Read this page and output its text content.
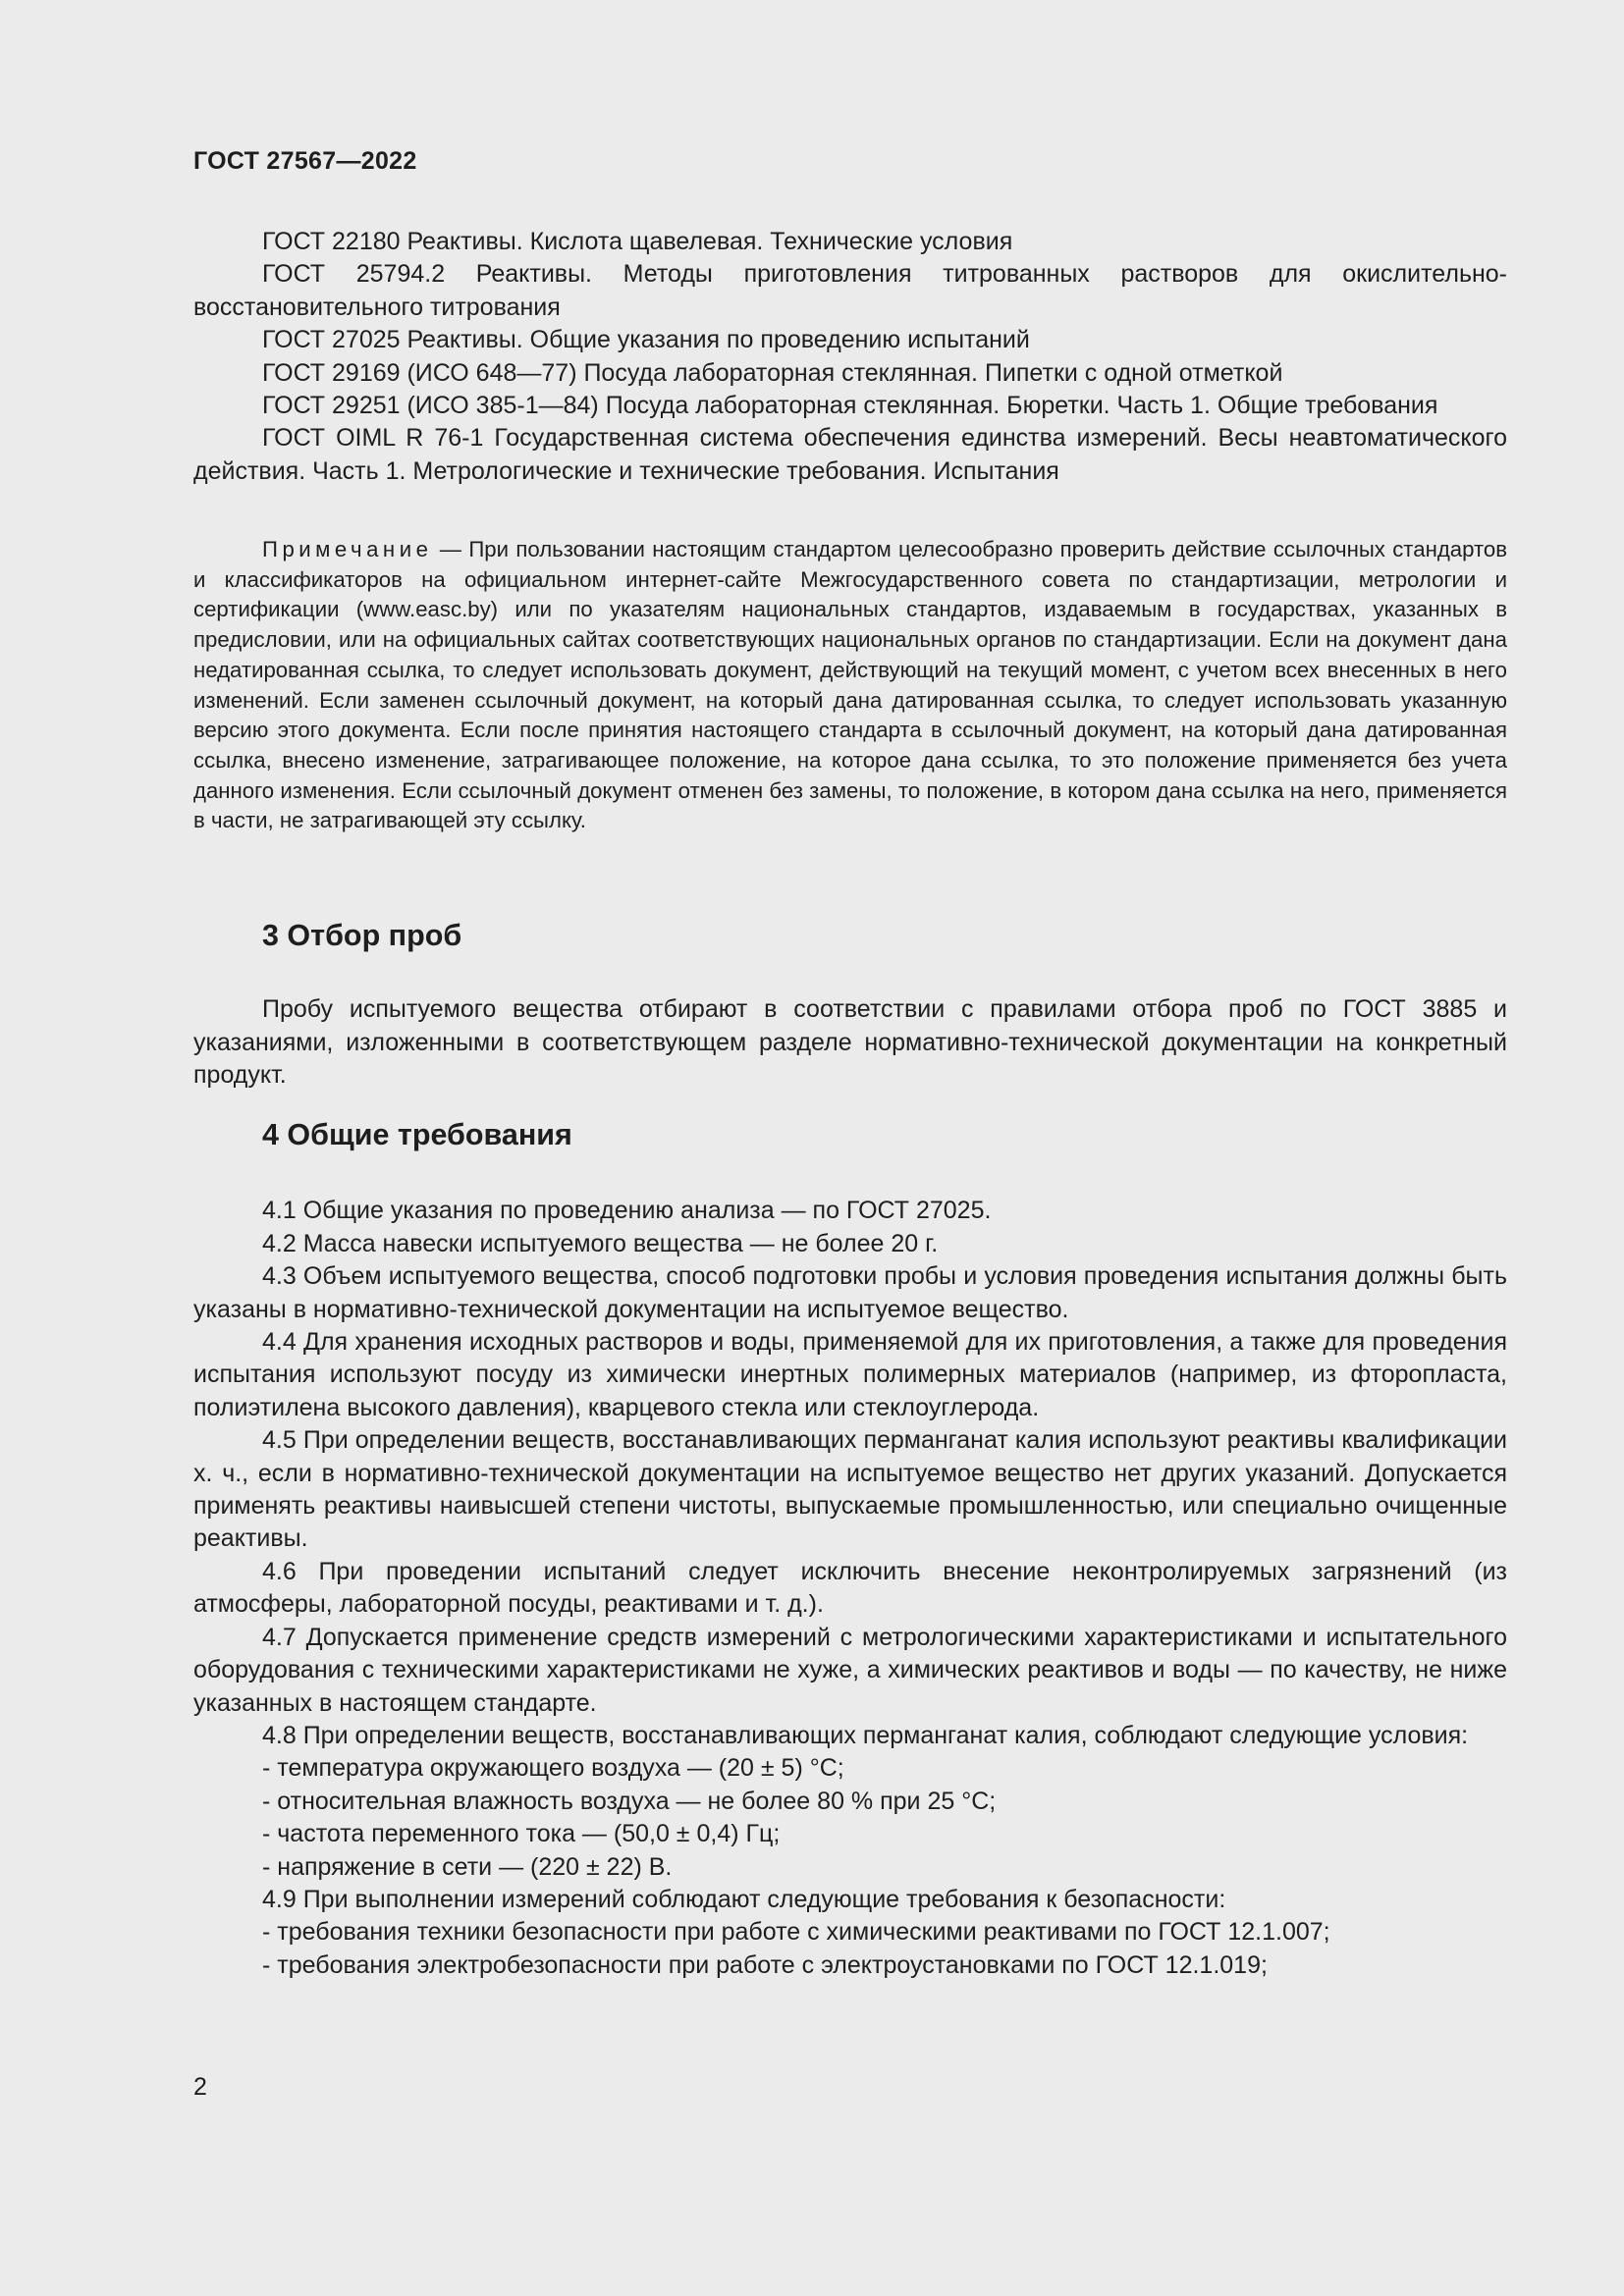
ГОСТ 27567—2022

ГОСТ 22180 Реактивы. Кислота щавелевая. Технические условия

ГОСТ 25794.2 Реактивы. Методы приготовления титрованных растворов для окислительно-восстановительного титрования

ГОСТ 27025 Реактивы. Общие указания по проведению испытаний

ГОСТ 29169 (ИСО 648—77) Посуда лабораторная стеклянная. Пипетки с одной отметкой

ГОСТ 29251 (ИСО 385-1—84) Посуда лабораторная стеклянная. Бюретки. Часть 1. Общие требования

ГОСТ OIML R 76-1 Государственная система обеспечения единства измерений. Весы неавтоматического действия. Часть 1. Метрологические и технические требования. Испытания

Примечание — При пользовании настоящим стандартом целесообразно проверить действие ссылочных стандартов и классификаторов на официальном интернет-сайте Межгосударственного совета по стандартизации, метрологии и сертификации (www.easc.by) или по указателям национальных стандартов, издаваемым в государствах, указанных в предисловии, или на официальных сайтах соответствующих национальных органов по стандартизации. Если на документ дана недатированная ссылка, то следует использовать документ, действующий на текущий момент, с учетом всех внесенных в него изменений. Если заменен ссылочный документ, на который дана датированная ссылка, то следует использовать указанную версию этого документа. Если после принятия настоящего стандарта в ссылочный документ, на который дана датированная ссылка, внесено изменение, затрагивающее положение, на которое дана ссылка, то это положение применяется без учета данного изменения. Если ссылочный документ отменен без замены, то положение, в котором дана ссылка на него, применяется в части, не затрагивающей эту ссылку.

3 Отбор проб

Пробу испытуемого вещества отбирают в соответствии с правилами отбора проб по ГОСТ 3885 и указаниями, изложенными в соответствующем разделе нормативно-технической документации на конкретный продукт.

4 Общие требования

4.1 Общие указания по проведению анализа — по ГОСТ 27025.

4.2 Масса навески испытуемого вещества — не более 20 г.

4.3 Объем испытуемого вещества, способ подготовки пробы и условия проведения испытания должны быть указаны в нормативно-технической документации на испытуемое вещество.

4.4 Для хранения исходных растворов и воды, применяемой для их приготовления, а также для проведения испытания используют посуду из химически инертных полимерных материалов (например, из фторопласта, полиэтилена высокого давления), кварцевого стекла или стеклоуглерода.

4.5 При определении веществ, восстанавливающих перманганат калия используют реактивы квалификации х. ч., если в нормативно-технической документации на испытуемое вещество нет других указаний. Допускается применять реактивы наивысшей степени чистоты, выпускаемые промышленностью, или специально очищенные реактивы.

4.6 При проведении испытаний следует исключить внесение неконтролируемых загрязнений (из атмосферы, лабораторной посуды, реактивами и т. д.).

4.7 Допускается применение средств измерений с метрологическими характеристиками и испытательного оборудования с техническими характеристиками не хуже, а химических реактивов и воды — по качеству, не ниже указанных в настоящем стандарте.

4.8 При определении веществ, восстанавливающих перманганат калия, соблюдают следующие условия:

- температура окружающего воздуха — (20 ± 5) °С;

- относительная влажность воздуха — не более 80 % при 25 °С;

- частота переменного тока — (50,0 ± 0,4) Гц;

- напряжение в сети — (220 ± 22) В.

4.9 При выполнении измерений соблюдают следующие требования к безопасности:

- требования техники безопасности при работе с химическими реактивами по ГОСТ 12.1.007;

- требования электробезопасности при работе с электроустановками по ГОСТ 12.1.019;

2
